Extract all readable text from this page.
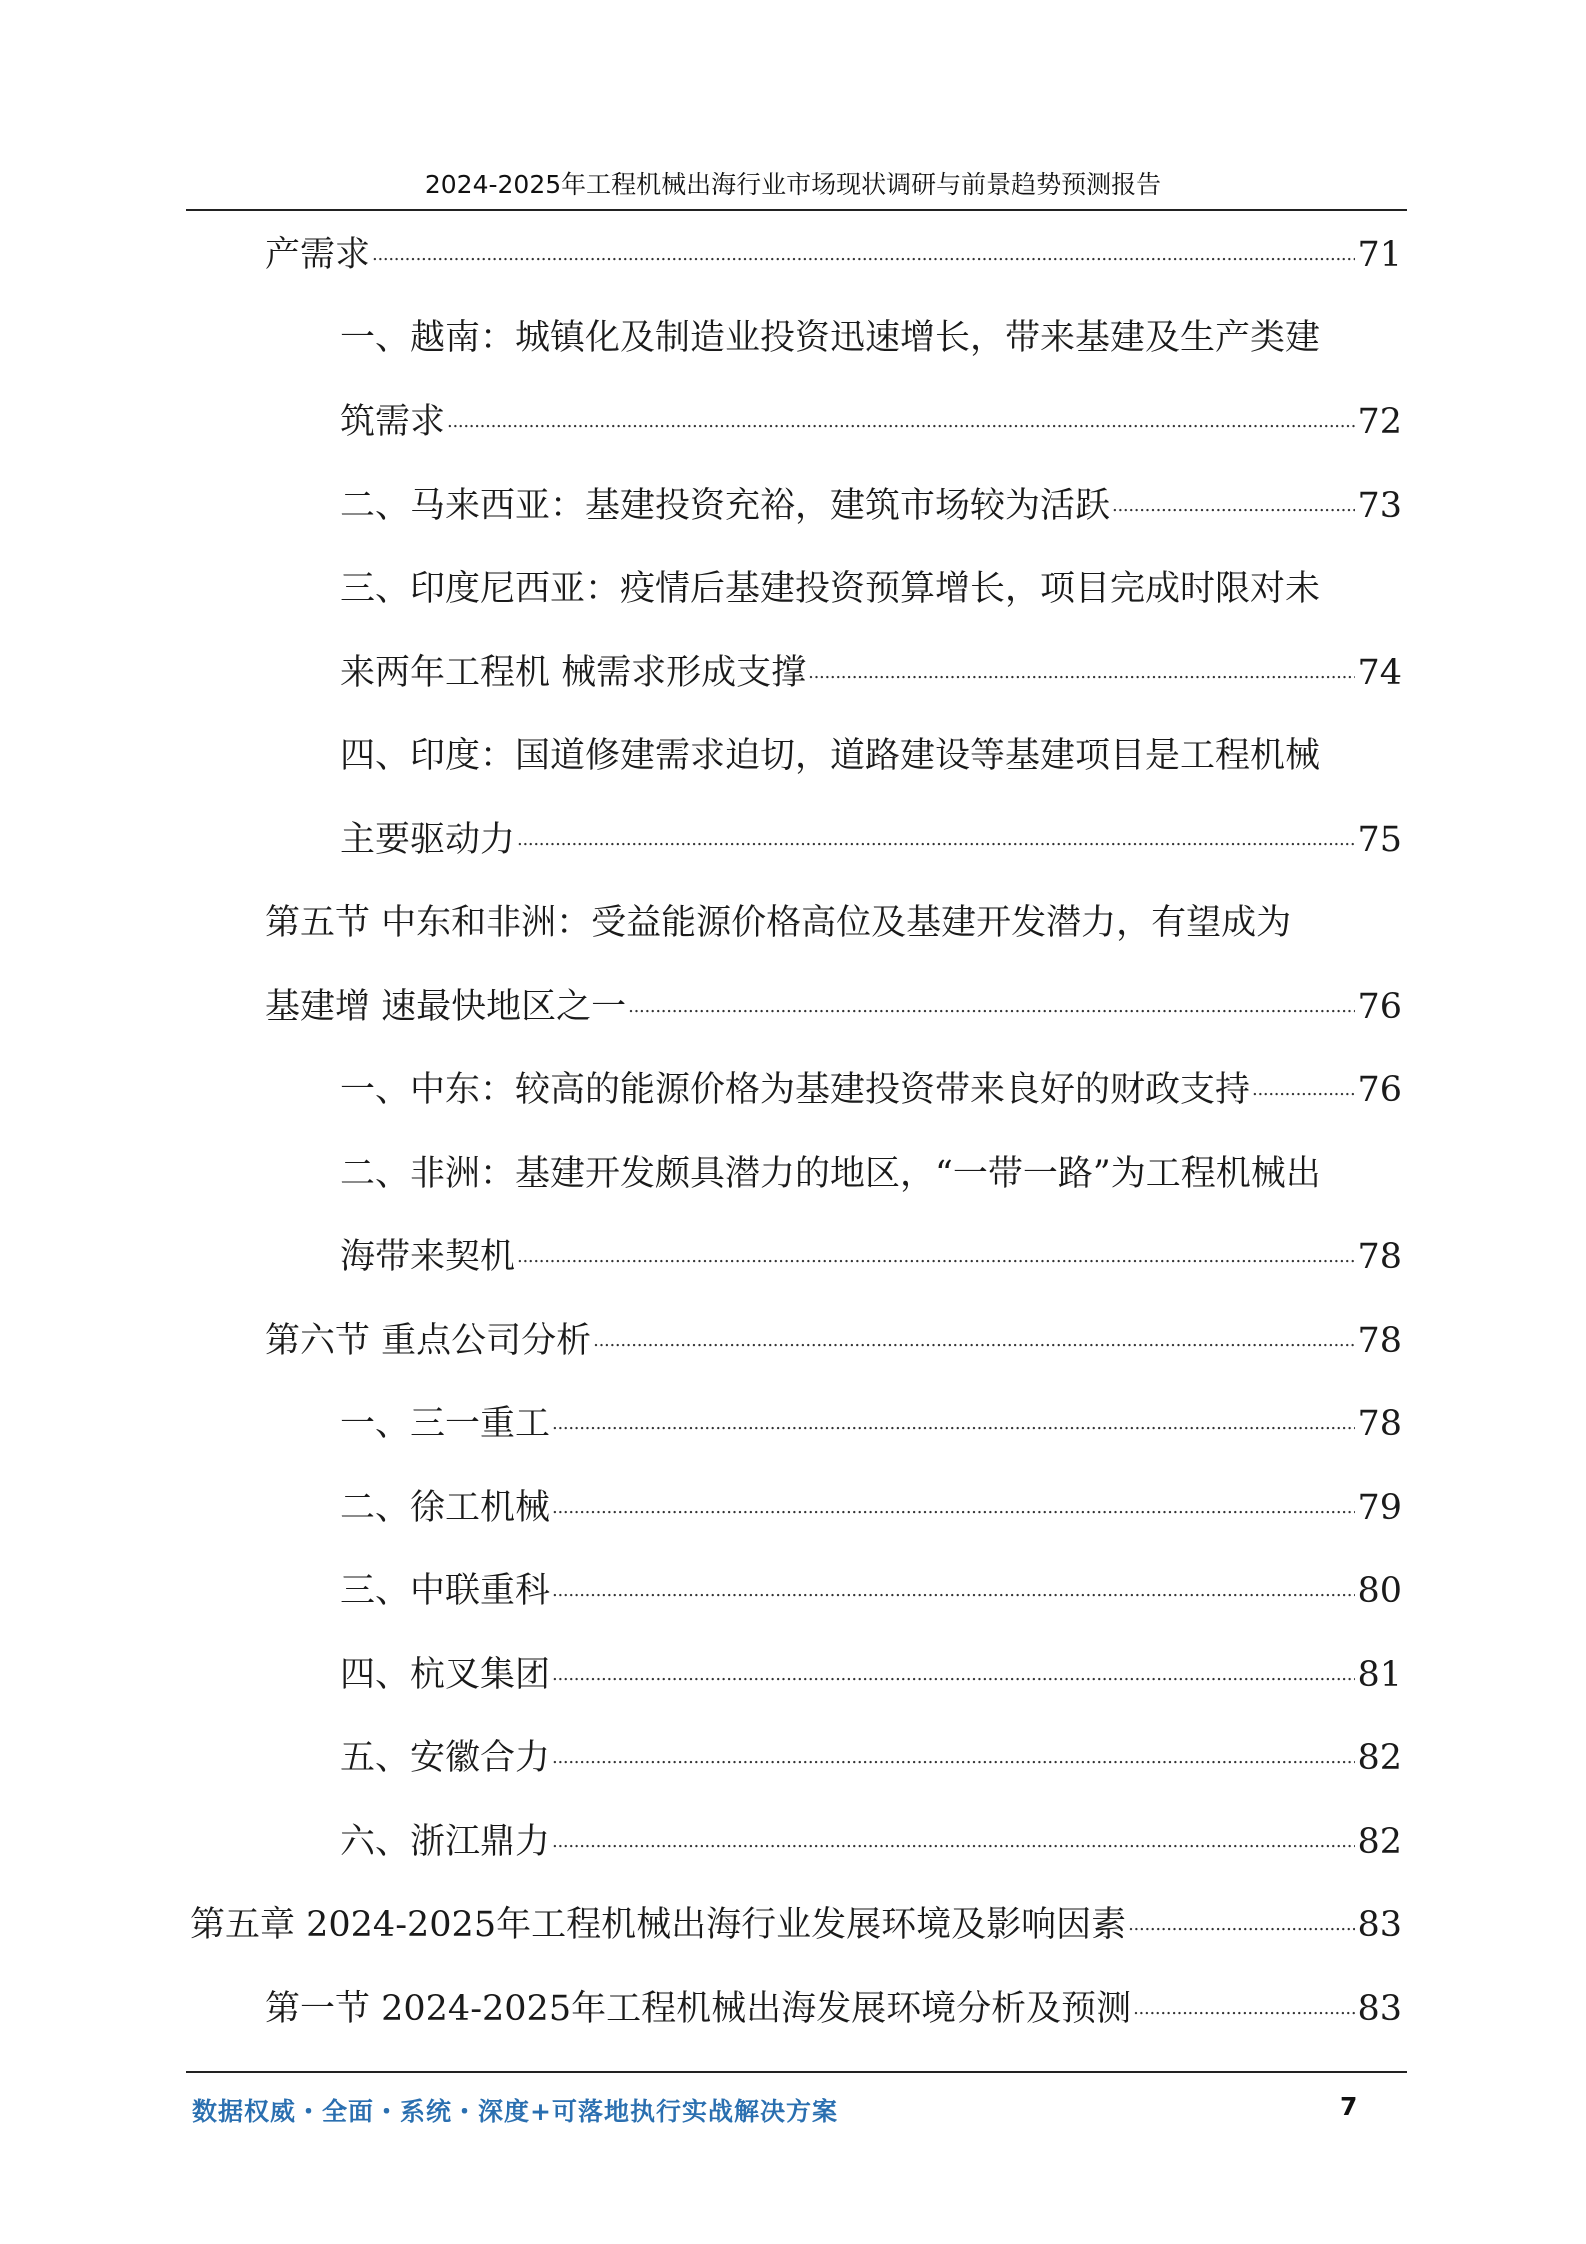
2024-2025年工程机械出海行业市场现状调研与前景趋势预测报告
产需求 . . .	71
一、越南：城镇化及制造业投资迅速增长，带来基建及生产类建
筑需求 . . .	72
二、马来西亚：基建投资充裕，建筑市场较为活跃 . . .	73
三、印度尼西亚：疫情后基建投资预算增长，项目完成时限对未
来两年工程机 械需求形成支撑 . . .	74
四、印度：国道修建需求迫切，道路建设等基建项目是工程机械
主要驱动力 . . .	75
第五节 中东和非洲：受益能源价格高位及基建开发潜力，有望成为
基建增 速最快地区之一 . . .	76
一、中东：较高的能源价格为基建投资带来良好的财政支持 . . .	76
二、非洲：基建开发颇具潜力的地区，“一带一路”为工程机械出
海带来契机 . . .	78
第六节 重点公司分析 . . .	78
一、三一重工 . . .	78
二、徐工机械 . . .	79
三、中联重科 . . .	80
四、杭叉集团 . . .	81
五、安徽合力 . . .	82
六、浙江鼎力 . . .	82
第五章 2024-2025年工程机械出海行业发展环境及影响因素 . . .	83
第一节 2024-2025年工程机械出海发展环境分析及预测 . . .	83
数据权威・全面・系统・深度+可落地执行实战解决方案	7
